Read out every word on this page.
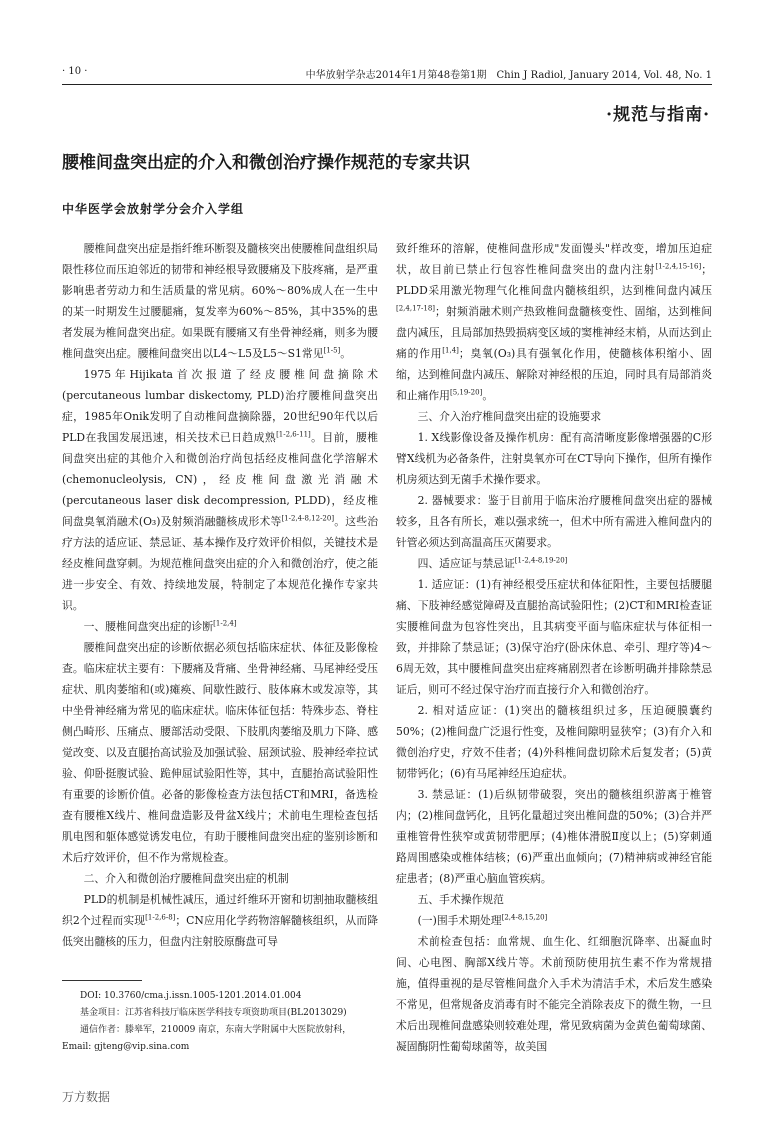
· 10 ·	中华放射学杂志2014年1月第48卷第1期　Chin J Radiol, January 2014, Vol. 48, No. 1
·规范与指南·
腰椎间盘突出症的介入和微创治疗操作规范的专家共识
中华医学会放射学分会介入学组

腰椎间盘突出症是指纤维环断裂及髓核突出使腰椎间盘组织局限性移位而压迫邻近的韧带和神经根导致腰痛及下肢疼痛，是严重影响患者劳动力和生活质量的常见病。60%～80%成人在一生中的某一时期发生过腰腿痛，复发率为60%～85%，其中35%的患者发展为椎间盘突出症。如果既有腰痛又有坐骨神经痛，则多为腰椎间盘突出症。腰椎间盘突出以L4～L5及L5～S1常见[1-5]。

1975年Hijikata首次报道了经皮腰椎间盘摘除术(percutaneous lumbar diskectomy, PLD)治疗腰椎间盘突出症，1985年Onik发明了自动椎间盘摘除器，20世纪90年代以后PLD在我国发展迅速，相关技术已日趋成熟[1-2,6-11]。目前，腰椎间盘突出症的其他介入和微创治疗尚包括经皮椎间盘化学溶解术(chemonucleolysis, CN)，经皮椎间盘激光消融术(percutaneous laser disk decompression, PLDD)，经皮椎间盘臭氧消融术(O₃)及射频消融髓核成形术等[1-2,4-8,12-20]。这些治疗方法的适应证、禁忌证、基本操作及疗效评价相似，关键技术是经皮椎间盘穿刺。为规范椎间盘突出症的介入和微创治疗，使之能进一步安全、有效、持续地发展，特制定了本规范化操作专家共识。

一、腰椎间盘突出症的诊断[1-2,4]

腰椎间盘突出症的诊断依据必须包括临床症状、体征及影像检查。临床症状主要有：下腰痛及背痛、坐骨神经痛、马尾神经受压症状、肌肉萎缩和(或)瘫痪、间歇性跛行、肢体麻木或发凉等，其中坐骨神经痛为常见的临床症状。临床体征包括：特殊步态、脊柱侧凸畸形、压痛点、腰部活动受限、下肢肌肉萎缩及肌力下降、感觉改变、以及直腿抬高试验及加强试验、屈颈试验、股神经牵拉试验、仰卧挺腹试验、跪伸屈试验阳性等，其中，直腿抬高试验阳性有重要的诊断价值。必备的影像检查方法包括CT和MRI，备选检查有腰椎X线片、椎间盘造影及骨盆X线片；术前电生理检查包括肌电图和躯体感觉诱发电位，有助于腰椎间盘突出症的鉴别诊断和术后疗效评价，但不作为常规检查。

二、介入和微创治疗腰椎间盘突出症的机制

PLD的机制是机械性减压，通过纤维环开窗和切割抽取髓核组织2个过程而实现[1-2,6-8]；CN应用化学药物溶解髓核组织，从而降低突出髓核的压力，但盘内注射胶原酶盘可导

致纤维环的溶解，使椎间盘形成"发面馒头"样改变，增加压迫症状，故目前已禁止行包容性椎间盘突出的盘内注射[1-2,4,15-16]；PLDD采用激光物理气化椎间盘内髓核组织，达到椎间盘内减压[2,4,17-18]；射频消融术则产热致椎间盘髓核变性、固缩，达到椎间盘内减压，且局部加热毁损病变区域的窦椎神经末梢，从而达到止痛的作用[1,4]；臭氧(O₃)具有强氧化作用，使髓核体积缩小、固缩，达到椎间盘内减压、解除对神经根的压迫，同时具有局部消炎和止痛作用[5,19-20]。

三、介入治疗椎间盘突出症的设施要求

1. X线影像设备及操作机房：配有高清晰度影像增强器的C形臂X线机为必备条件，注射臭氧亦可在CT导向下操作，但所有操作机房须达到无菌手术操作要求。

2. 器械要求：鉴于目前用于临床治疗腰椎间盘突出症的器械较多，且各有所长，难以强求统一，但术中所有需进入椎间盘内的针管必须达到高温高压灭菌要求。

四、适应证与禁忌证[1-2,4-8,19-20]

1. 适应证：(1)有神经根受压症状和体征阳性，主要包括腰腿痛、下肢神经感觉障碍及直腿抬高试验阳性；(2)CT和MRI检查证实腰椎间盘为包容性突出，且其病变平面与临床症状与体征相一致，并排除了禁忌证；(3)保守治疗(卧床休息、牵引、理疗等)4～6周无效，其中腰椎间盘突出症疼痛剧烈者在诊断明确并排除禁忌证后，则可不经过保守治疗而直接行介入和微创治疗。

2. 相对适应证：(1)突出的髓核组织过多，压迫硬膜囊约50%；(2)椎间盘广泛退行性变，及椎间隙明显狭窄；(3)有介入和微创治疗史，疗效不佳者；(4)外科椎间盘切除术后复发者；(5)黄韧带钙化；(6)有马尾神经压迫症状。

3. 禁忌证：(1)后纵韧带破裂，突出的髓核组织游离于椎管内；(2)椎间盘钙化，且钙化量超过突出椎间盘的50%；(3)合并严重椎管骨性狭窄或黄韧带肥厚；(4)椎体滑脱Ⅱ度以上；(5)穿刺通路周围感染或椎体结核；(6)严重出血倾向；(7)精神病或神经官能症患者；(8)严重心脑血管疾病。

五、手术操作规范
(一)围手术期处理[2,4-8,15,20]

术前检查包括：血常规、血生化、红细胞沉降率、出凝血时间、心电图、胸部X线片等。术前预防使用抗生素不作为常规措施，值得重视的是尽管椎间盘介入手术为清洁手术，术后发生感染不常见，但常规备皮消毒有时不能完全消除表皮下的微生物，一旦术后出现椎间盘感染则较难处理，常见致病菌为金黄色葡萄球菌、凝固酶阴性葡萄球菌等，故美国

DOI: 10.3760/cma.j.issn.1005-1201.2014.01.004
基金项目：江苏省科技厅临床医学科技专项资助项目(BL2013029)
通信作者：滕皋军，210009 南京，东南大学附属中大医院放射科，Email: gjteng@vip.sina.com
万方数据
